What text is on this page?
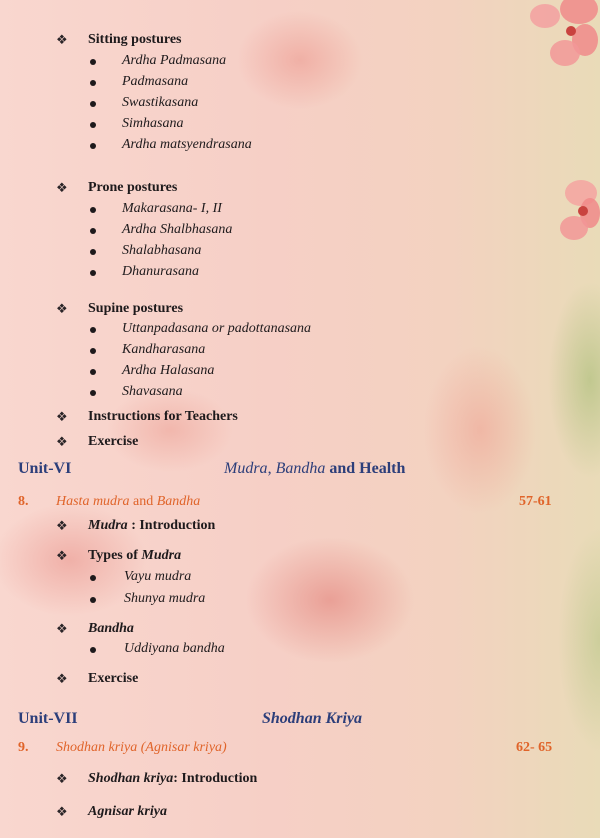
❖ Sitting postures
Ardha Padmasana
Padmasana
Swastikasana
Simhasana
Ardha matsyendrasana
❖ Prone postures
Makarasana- I, II
Ardha Shalbhasana
Shalabhasana
Dhanurasana
❖ Supine postures
Uttanpadasana or padottanasana
Kandharasana
Ardha Halasana
Shavasana
❖ Instructions for Teachers
❖ Exercise
Unit-VI	Mudra, Bandha and Health
8. Hasta mudra and Bandha	57-61
❖ Mudra : Introduction
❖ Types of Mudra
Vayu mudra
Shunya mudra
❖ Bandha
Uddiyana bandha
❖ Exercise
Unit-VII	Shodhan Kriya
9. Shodhan kriya (Agnisar kriya)	62- 65
❖ Shodhan kriya: Introduction
❖ Agnisar kriya
